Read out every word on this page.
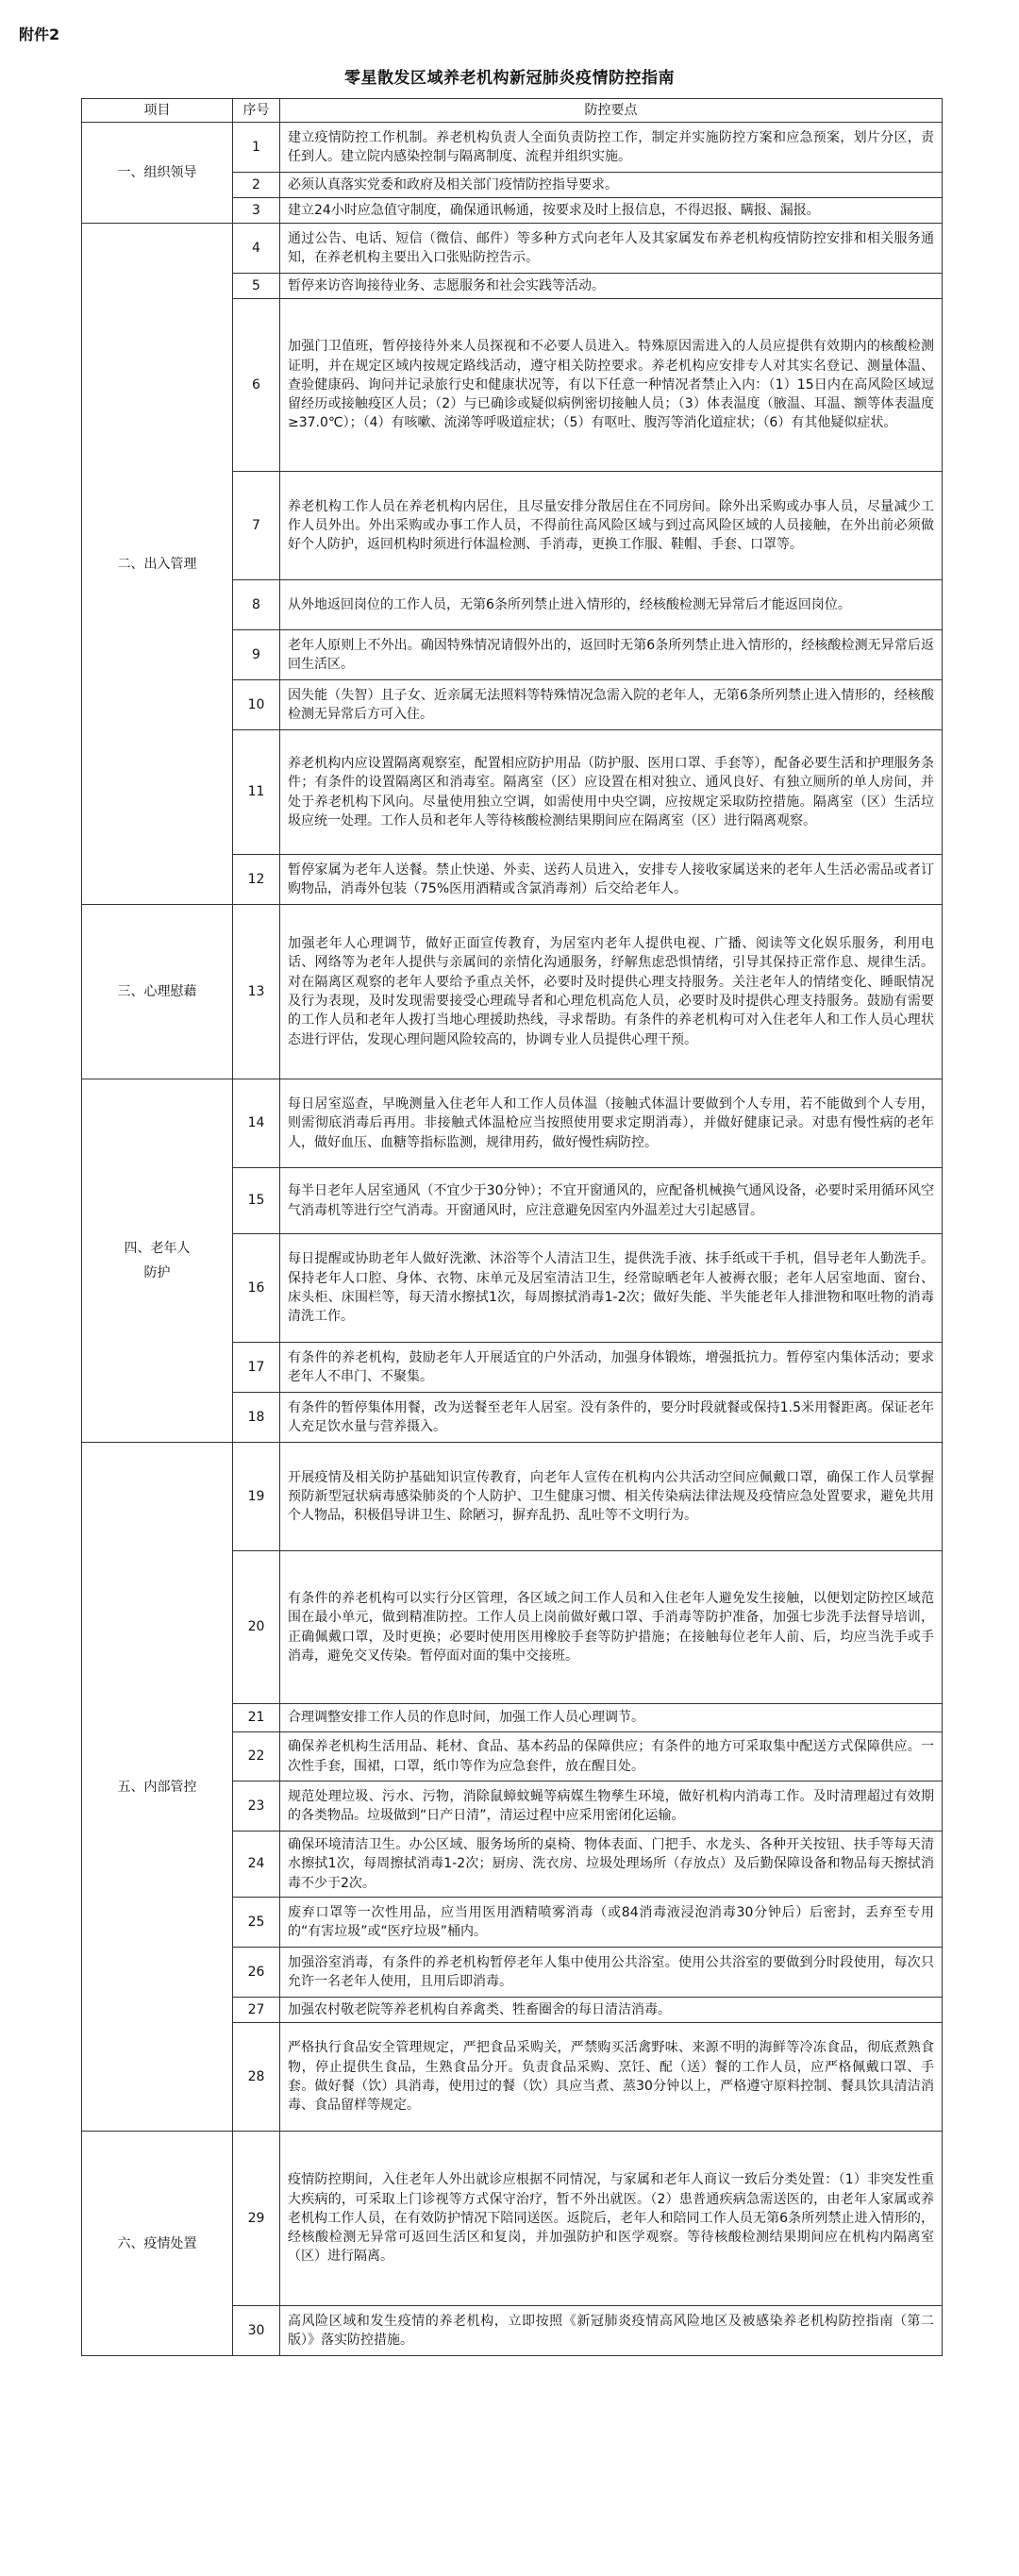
附件2
零星散发区域养老机构新冠肺炎疫情防控指南
项目	序号	防控要点
一、组织领导	1	建立疫情防控工作机制。养老机构负责人全面负责防控工作，制定并实施防控方案和应急预案，划片分区，责任到人。建立院内感染控制与隔离制度、流程并组织实施。
	2	必须认真落实党委和政府及相关部门疫情防控指导要求。
	3	建立24小时应急值守制度，确保通讯畅通，按要求及时上报信息，不得迟报、瞒报、漏报。
二、出入管理	4	通过公告、电话、短信（微信、邮件）等多种方式向老年人及其家属发布养老机构疫情防控安排和相关服务通知，在养老机构主要出入口张贴防控告示。
	5	暂停来访咨询接待业务、志愿服务和社会实践等活动。
	6	加强门卫值班，暂停接待外来人员探视和不必要人员进入。特殊原因需进入的人员应提供有效期内的核酸检测证明，并在规定区域内按规定路线活动，遵守相关防控要求。养老机构应安排专人对其实名登记、测量体温、查验健康码、询问并记录旅行史和健康状况等，有以下任意一种情况者禁止入内：（1）15日内在高风险区域逗留经历或接触疫区人员；（2）与已确诊或疑似病例密切接触人员；（3）体表温度（腋温、耳温、额等体表温度≥37.0℃）；（4）有咳嗽、流涕等呼吸道症状；（5）有呕吐、腹泻等消化道症状；（6）有其他疑似症状。
	7	养老机构工作人员在养老机构内居住，且尽量安排分散居住在不同房间。除外出采购或办事人员，尽量减少工作人员外出。外出采购或办事工作人员，不得前往高风险区域与到过高风险区域的人员接触，在外出前必须做好个人防护，返回机构时须进行体温检测、手消毒，更换工作服、鞋帽、手套、口罩等。
	8	从外地返回岗位的工作人员，无第6条所列禁止进入情形的，经核酸检测无异常后才能返回岗位。
	9	老年人原则上不外出。确因特殊情况请假外出的，返回时无第6条所列禁止进入情形的，经核酸检测无异常后返回生活区。
	10	因失能（失智）且子女、近亲属无法照料等特殊情况急需入院的老年人，无第6条所列禁止进入情形的，经核酸检测无异常后方可入住。
	11	养老机构内应设置隔离观察室，配置相应防护用品（防护服、医用口罩、手套等），配备必要生活和护理服务条件；有条件的设置隔离区和消毒室。隔离室（区）应设置在相对独立、通风良好、有独立厕所的单人房间，并处于养老机构下风向。尽量使用独立空调，如需使用中央空调，应按规定采取防控措施。隔离室（区）生活垃圾应统一处理。工作人员和老年人等待核酸检测结果期间应在隔离室（区）进行隔离观察。
	12	暂停家属为老年人送餐。禁止快递、外卖、送药人员进入，安排专人接收家属送来的老年人生活必需品或者订购物品，消毒外包装（75%医用酒精或含氯消毒剂）后交给老年人。
三、心理慰藉	13	加强老年人心理调节，做好正面宣传教育，为居室内老年人提供电视、广播、阅读等文化娱乐服务，利用电话、网络等为老年人提供与亲属间的亲情化沟通服务，纾解焦虑恐惧情绪，引导其保持正常作息、规律生活。对在隔离区观察的老年人要给予重点关怀，必要时及时提供心理支持服务。关注老年人的情绪变化、睡眠情况及行为表现，及时发现需要接受心理疏导者和心理危机高危人员，必要时及时提供心理支持服务。鼓励有需要的工作人员和老年人拨打当地心理援助热线，寻求帮助。有条件的养老机构可对入住老年人和工作人员心理状态进行评估，发现心理问题风险较高的，协调专业人员提供心理干预。
四、老年人防护	14	每日居室巡查，早晚测量入住老年人和工作人员体温（接触式体温计要做到个人专用，若不能做到个人专用，则需彻底消毒后再用。非接触式体温枪应当按照使用要求定期消毒），并做好健康记录。对患有慢性病的老年人，做好血压、血糖等指标监测，规律用药，做好慢性病防控。
	15	每半日老年人居室通风（不宜少于30分钟）；不宜开窗通风的，应配备机械换气通风设备，必要时采用循环风空气消毒机等进行空气消毒。开窗通风时，应注意避免因室内外温差过大引起感冒。
	16	每日提醒或协助老年人做好洗漱、沐浴等个人清洁卫生，提供洗手液、抹手纸或干手机，倡导老年人勤洗手。保持老年人口腔、身体、衣物、床单元及居室清洁卫生，经常晾晒老年人被褥衣服；老年人居室地面、窗台、床头柜、床围栏等，每天清水擦拭1次，每周擦拭消毒1-2次；做好失能、半失能老年人排泄物和呕吐物的消毒清洗工作。
	17	有条件的养老机构，鼓励老年人开展适宜的户外活动，加强身体锻炼，增强抵抗力。暂停室内集体活动；要求老年人不串门、不聚集。
	18	有条件的暂停集体用餐，改为送餐至老年人居室。没有条件的，要分时段就餐或保持1.5米用餐距离。保证老年人充足饮水量与营养摄入。
五、内部管控	19	开展疫情及相关防护基础知识宣传教育，向老年人宣传在机构内公共活动空间应佩戴口罩，确保工作人员掌握预防新型冠状病毒感染肺炎的个人防护、卫生健康习惯、相关传染病法律法规及疫情应急处置要求，避免共用个人物品，积极倡导讲卫生、除陋习，摒弃乱扔、乱吐等不文明行为。
	20	有条件的养老机构可以实行分区管理，各区域之间工作人员和入住老年人避免发生接触，以便划定防控区域范围在最小单元，做到精准防控。工作人员上岗前做好戴口罩、手消毒等防护准备，加强七步洗手法督导培训，正确佩戴口罩，及时更换；必要时使用医用橡胶手套等防护措施；在接触每位老年人前、后，均应当洗手或手消毒，避免交叉传染。暂停面对面的集中交接班。
	21	合理调整安排工作人员的作息时间，加强工作人员心理调节。
	22	确保养老机构生活用品、耗材、食品、基本药品的保障供应；有条件的地方可采取集中配送方式保障供应。一次性手套，围裙，口罩，纸巾等作为应急套件，放在醒目处。
	23	规范处理垃圾、污水、污物，消除鼠蟑蚊蝇等病媒生物孳生环境，做好机构内消毒工作。及时清理超过有效期的各类物品。垃圾做到“日产日清”，清运过程中应采用密闭化运输。
	24	确保环境清洁卫生。办公区域、服务场所的桌椅、物体表面、门把手、水龙头、各种开关按钮、扶手等每天清水擦拭1次，每周擦拭消毒1-2次；厨房、洗衣房、垃圾处理场所（存放点）及后勤保障设备和物品每天擦拭消毒不少于2次。
	25	废弃口罩等一次性用品，应当用医用酒精喷雾消毒（或84消毒液浸泡消毒30分钟后）后密封，丢弃至专用的“有害垃圾”或“医疗垃圾”桶内。
	26	加强浴室消毒，有条件的养老机构暂停老年人集中使用公共浴室。使用公共浴室的要做到分时段使用，每次只允许一名老年人使用，且用后即消毒。
	27	加强农村敬老院等养老机构自养禽类、牲畜圈舍的每日清洁消毒。
	28	严格执行食品安全管理规定，严把食品采购关，严禁购买活禽野味、来源不明的海鲜等冷冻食品，彻底煮熟食物，停止提供生食品，生熟食品分开。负责食品采购、烹饪、配（送）餐的工作人员，应严格佩戴口罩、手套。做好餐（饮）具消毒，使用过的餐（饮）具应当煮、蒸30分钟以上，严格遵守原料控制、餐具饮具清洁消毒、食品留样等规定。
六、疫情处置	29	疫情防控期间，入住老年人外出就诊应根据不同情况，与家属和老年人商议一致后分类处置：（1）非突发性重大疾病的，可采取上门诊视等方式保守治疗，暂不外出就医。（2）患普通疾病急需送医的，由老年人家属或养老机构工作人员，在有效防护情况下陪同送医。返院后，老年人和陪同工作人员无第6条所列禁止进入情形的，经核酸检测无异常可返回生活区和复岗，并加强防护和医学观察。等待核酸检测结果期间应在机构内隔离室（区）进行隔离。
	30	高风险区域和发生疫情的养老机构，立即按照《新冠肺炎疫情高风险地区及被感染养老机构防控指南（第二版）》落实防控措施。
